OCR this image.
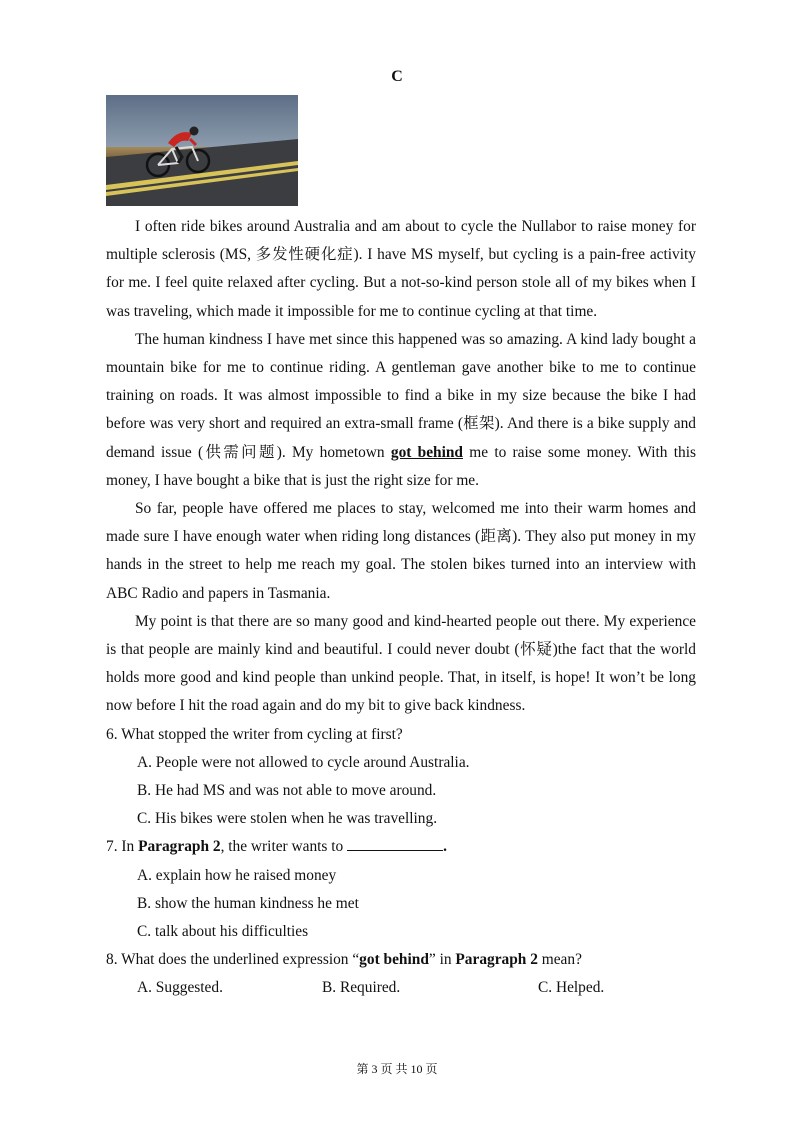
C

I often ride bikes around Australia and am about to cycle the Nullabor to raise money for multiple sclerosis (MS, 多发性硬化症). I have MS myself, but cycling is a pain-free activity for me. I feel quite relaxed after cycling. But a not-so-kind person stole all of my bikes when I was traveling, which made it impossible for me to continue cycling at that time.

The human kindness I have met since this happened was so amazing. A kind lady bought a mountain bike for me to continue riding. A gentleman gave another bike to me to continue training on roads. It was almost impossible to find a bike in my size because the bike I had before was very short and required an extra-small frame (框架). And there is a bike supply and demand issue (供需问题). My hometown got behind me to raise some money. With this money, I have bought a bike that is just the right size for me.

So far, people have offered me places to stay, welcomed me into their warm homes and made sure I have enough water when riding long distances (距离). They also put money in my hands in the street to help me reach my goal. The stolen bikes turned into an interview with ABC Radio and papers in Tasmania.

My point is that there are so many good and kind-hearted people out there. My experience is that people are mainly kind and beautiful. I could never doubt (怀疑)the fact that the world holds more good and kind people than unkind people. That, in itself, is hope! It won’t be long now before I hit the road again and do my bit to give back kindness.

6. What stopped the writer from cycling at first?

A. People were not allowed to cycle around Australia.

B. He had MS and was not able to move around.

C. His bikes were stolen when he was travelling.

7. In Paragraph 2, the writer wants to	.

A. explain how he raised money

B. show the human kindness he met

C. talk about his difficulties

8. What does the underlined expression “got behind” in Paragraph 2 mean?

A. Suggested.	B. Required.	C. Helped.
第 3 页 共 10 页
